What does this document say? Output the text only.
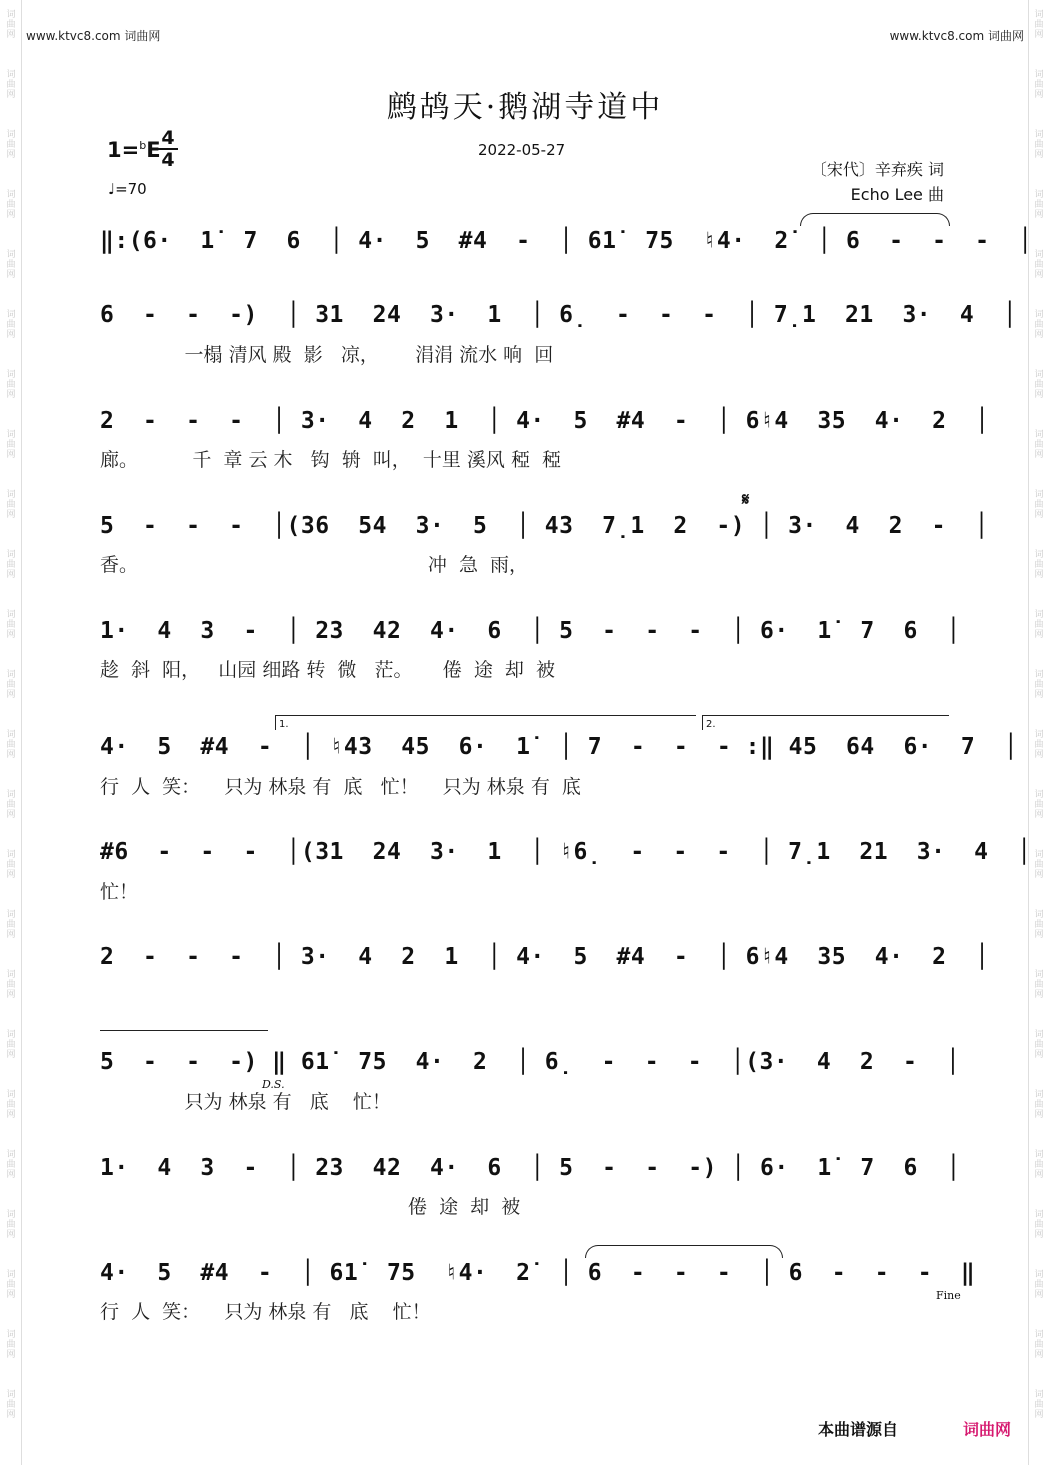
词曲网
词曲网
词曲网
词曲网
词曲网
词曲网
词曲网
词曲网
词曲网
词曲网
词曲网
词曲网
词曲网
词曲网
词曲网
词曲网
词曲网
词曲网
词曲网
词曲网
词曲网
词曲网
词曲网
词曲网
词曲网
词曲网
词曲网
词曲网
词曲网
词曲网
词曲网
词曲网
词曲网
词曲网
词曲网
词曲网
词曲网
词曲网
词曲网
词曲网
词曲网
词曲网
词曲网
词曲网
词曲网
词曲网
词曲网
词曲网
www.ktvc8.com 词曲网	www.ktvc8.com 词曲网
鹧鸪天·鹅湖寺道中
2022-05-27
1=$^b$E 4
4
♩=70
〔宋代〕辛弃疾 词
Echo Lee 曲
1.	2.
𝄋
D.S.
Fine
‖:(6·  1̇  7  6  │ 4·  5  #4  -  │ 61̇  75  ♮4·  2̇  │ 6  -  -  -  │
6  -  -  -)  │ 31  24  3·  1  │ 6̣  -  -  -  │ 7̣1  21  3·  4  │
一榻 清风 殿  影   凉，      涓涓 流水 响  回
2  -  -  -  │ 3·  4  2  1  │ 4·  5  #4  -  │ 6♮4  35  4·  2  │
廊。         千  章 云 木   钩  辀  叫，  十里 溪风 稏  稏
5  -  -  -  │(36  54  3·  5  │ 43  7̣1  2  -) │ 3·  4  2  -  │
香。                                                冲  急  雨，
1·  4  3  -  │ 23  42  4·  6  │ 5  -  -  -  │ 6·  1̇  7  6  │
趁  斜  阳，   山园 细路 转  微   茫。     倦  途  却  被
4·  5  #4  -  │ ♮43  45  6·  1̇  │ 7  -  -  - :‖ 45  64  6·  7  │
行  人  笑：    只为 林泉 有  底   忙！    只为 林泉 有  底
#6  -  -  -  │(31  24  3·  1  │ ♮6̣  -  -  -  │ 7̣1  21  3·  4  │
忙！
2  -  -  -  │ 3·  4  2  1  │ 4·  5  #4  -  │ 6♮4  35  4·  2  │
5  -  -  -) ‖ 61̇  75  4·  2  │ 6̣  -  -  -  │(3·  4  2  -  │
只为 林泉 有   底    忙！
1·  4  3  -  │ 23  42  4·  6  │ 5  -  -  -) │ 6·  1̇  7  6  │
倦  途  却  被
4·  5  #4  -  │ 61̇  75  ♮4·  2̇  │ 6  -  -  -  │ 6  -  -  -  ‖
行  人  笑：    只为 林泉 有   底    忙！
本曲谱源自	词曲网
